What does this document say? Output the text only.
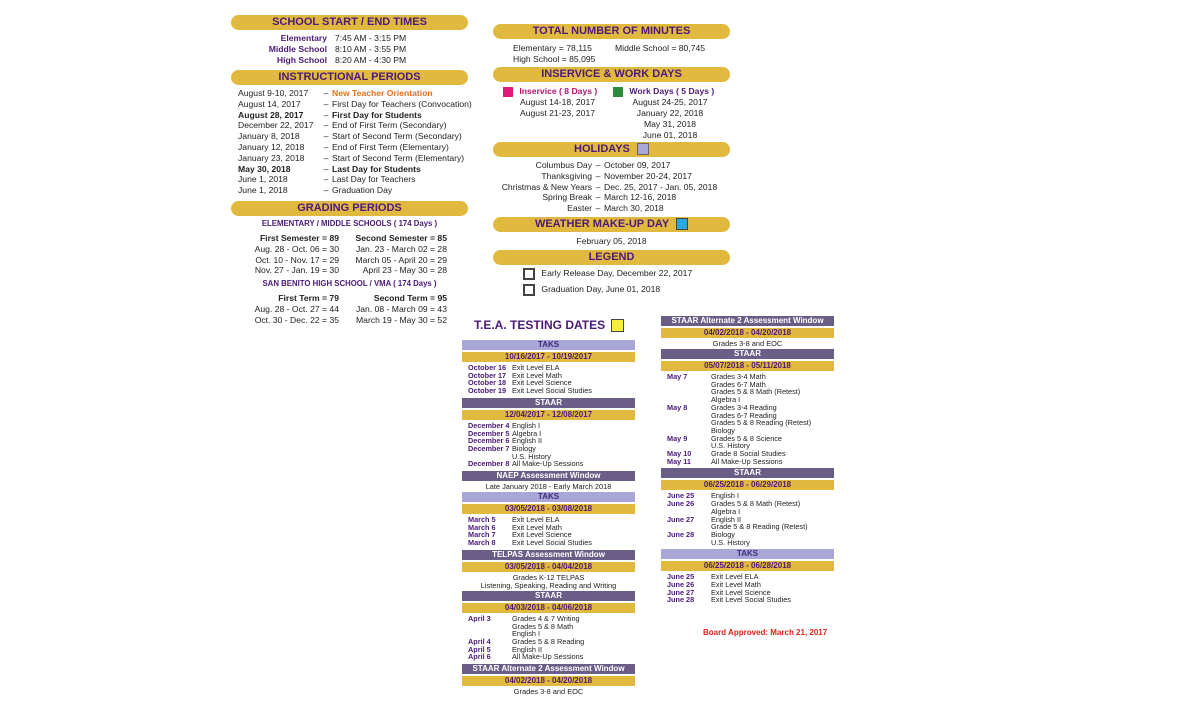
SCHOOL START / END TIMES
Elementary 7:45 AM - 3:15 PM
Middle School 8:10 AM - 3:55 PM
High School 8:20 AM - 4:30 PM
INSTRUCTIONAL PERIODS
August 9-10, 2017	– New Teacher Orientation
August 14, 2017	– First Day for Teachers (Convocation)
August 28, 2017	– First Day for Students
December 22, 2017	– End of First Term (Secondary)
January 8, 2018	– Start of Second Term (Secondary)
January 12, 2018	– End of First Term (Elementary)
January 23, 2018	– Start of Second Term (Elementary)
May 30, 2018	– Last Day for Students
June 1, 2018	– Last Day for Teachers
June 1, 2018	– Graduation Day
GRADING PERIODS
ELEMENTARY / MIDDLE SCHOOLS ( 174 Days )
First Semester = 89	Second Semester = 85
Aug. 28 - Oct. 06 = 30	Jan. 23 - March 02 = 28
Oct. 10 - Nov. 17 = 29	March 05 - April 20 = 29
Nov. 27 - Jan. 19 = 30	April 23 - May 30 = 28
SAN BENITO HIGH SCHOOL / VMA ( 174 Days )
First Term = 79	Second Term = 95
Aug. 28 - Oct. 27 = 44	Jan. 08 - March 09 = 43
Oct. 30 - Dec. 22 = 35	March 19 - May 30 = 52
TOTAL NUMBER OF MINUTES
Elementary = 78,115	Middle School = 80,745
High School = 85,095
INSERVICE & WORK DAYS
Inservice ( 8 Days )
August 14-18, 2017
August 21-23, 2017
Work Days ( 5 Days )
August 24-25, 2017
January 22, 2018
May 31, 2018
June 01, 2018
HOLIDAYS
Columbus Day – October 09, 2017
Thanksgiving – November 20-24, 2017
Christmas & New Years – Dec. 25, 2017 - Jan. 05, 2018
Spring Break – March 12-16, 2018
Easter – March 30, 2018
WEATHER MAKE-UP DAY
February 05, 2018
LEGEND
Early Release Day, December 22, 2017
Graduation Day, June 01, 2018
T.E.A. TESTING DATES
TAKS
10/16/2017 - 10/19/2017
October 16 Exit Level ELA
October 17 Exit Level Math
October 18 Exit Level Science
October 19 Exit Level Social Studies
STAAR
12/04/2017 - 12/08/2017
December 4 English I
December 5 Algebra I
December 6 English II
December 7 Biology
U.S. History
December 8 All Make-Up Sessions
NAEP Assessment Window
Late January 2018 - Early March 2018
TAKS
03/05/2018 - 03/08/2018
March 5	Exit Level ELA
March 6	Exit Level Math
March 7	Exit Level Science
March 8	Exit Level Social Studies
TELPAS Assessment Window
03/05/2018 - 04/04/2018
Grades K-12 TELPAS
Listening, Speaking, Reading and Writing
STAAR
04/03/2018 - 04/06/2018
April 3	Grades 4 & 7 Writing
Grades 5 & 8 Math
English I
April 4	Grades 5 & 8 Reading
April 5	English II
April 6	All Make-Up Sessions
STAAR Alternate 2 Assessment Window
04/02/2018 - 04/20/2018
Grades 3-8 and EOC
STAAR Alternate 2 Assessment Window
04/02/2018 - 04/20/2018
Grades 3-8 and EOC
STAAR
05/07/2018 - 05/11/2018
May 7	Grades 3-4 Math
Grades 6-7 Math
Grades 5 & 8 Math (Retest)
Algebra I
May 8	Grades 3-4 Reading
Grades 6-7 Reading
Grades 5 & 8 Reading (Retest)
Biology
May 9	Grades 5 & 8 Science
U.S. History
May 10	Grade 8 Social Studies
May 11	All Make-Up Sessions
STAAR
06/25/2018 - 06/29/2018
June 25	English I
June 26	Grades 5 & 8 Math (Retest)
Algebra I
June 27	English II
Grade 5 & 8 Reading (Retest)
June 28	Biology
U.S. History
TAKS
06/25/2018 - 06/28/2018
June 25	Exit Level ELA
June 26	Exit Level Math
June 27	Exit Level Science
June 28	Exit Level Social Studies
Board Approved: March 21, 2017
